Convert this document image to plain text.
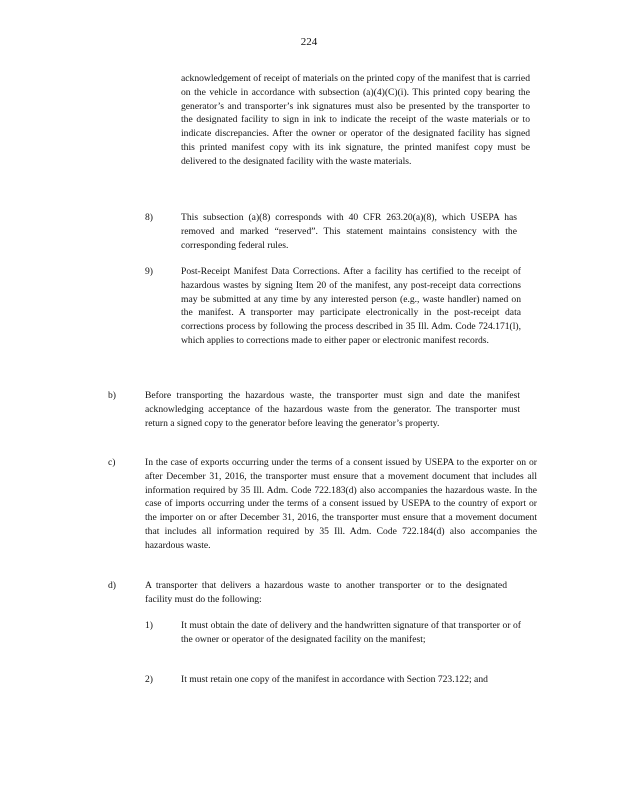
224

acknowledgement of receipt of materials on the printed copy of the manifest that is carried on the vehicle in accordance with subsection (a)(4)(C)(i). This printed copy bearing the generator’s and transporter’s ink signatures must also be presented by the transporter to the designated facility to sign in ink to indicate the receipt of the waste materials or to indicate discrepancies. After the owner or operator of the designated facility has signed this printed manifest copy with its ink signature, the printed manifest copy must be delivered to the designated facility with the waste materials.

8)	This subsection (a)(8) corresponds with 40 CFR 263.20(a)(8), which USEPA has removed and marked “reserved”. This statement maintains consistency with the corresponding federal rules.

9)	Post-Receipt Manifest Data Corrections. After a facility has certified to the receipt of hazardous wastes by signing Item 20 of the manifest, any post-receipt data corrections may be submitted at any time by any interested person (e.g., waste handler) named on the manifest. A transporter may participate electronically in the post-receipt data corrections process by following the process described in 35 Ill. Adm. Code 724.171(l), which applies to corrections made to either paper or electronic manifest records.

b)	Before transporting the hazardous waste, the transporter must sign and date the manifest acknowledging acceptance of the hazardous waste from the generator. The transporter must return a signed copy to the generator before leaving the generator’s property.

c)	In the case of exports occurring under the terms of a consent issued by USEPA to the exporter on or after December 31, 2016, the transporter must ensure that a movement document that includes all information required by 35 Ill. Adm. Code 722.183(d) also accompanies the hazardous waste. In the case of imports occurring under the terms of a consent issued by USEPA to the country of export or the importer on or after December 31, 2016, the transporter must ensure that a movement document that includes all information required by 35 Ill. Adm. Code 722.184(d) also accompanies the hazardous waste.

d)	A transporter that delivers a hazardous waste to another transporter or to the designated facility must do the following:

1)	It must obtain the date of delivery and the handwritten signature of that transporter or of the owner or operator of the designated facility on the manifest;

2)	It must retain one copy of the manifest in accordance with Section 723.122; and
